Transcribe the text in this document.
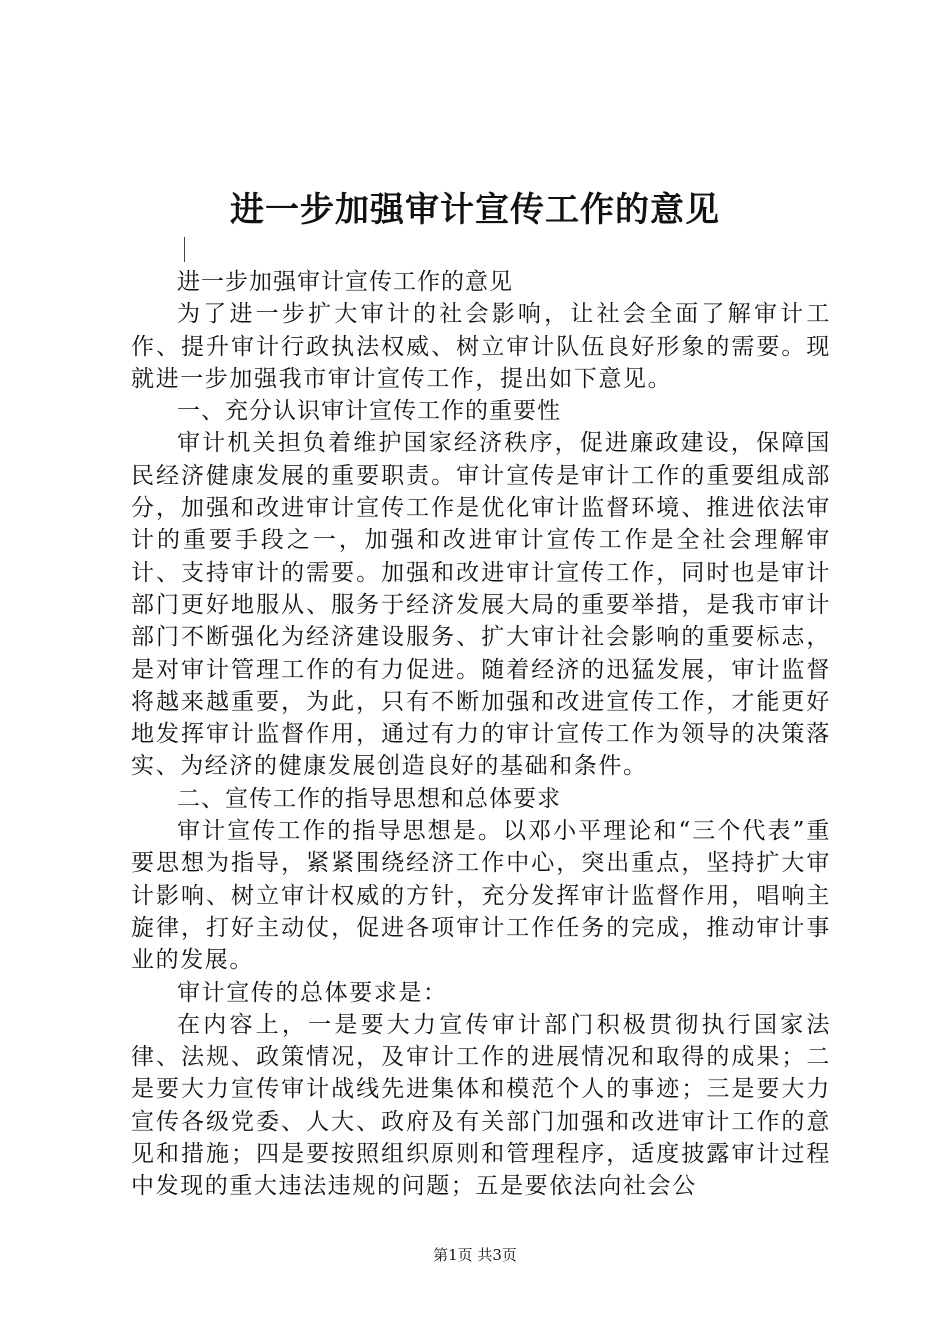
进一步加强审计宣传工作的意见

进一步加强审计宣传工作的意见

为了进一步扩大审计的社会影响，让社会全面了解审计工作、提升审计行政执法权威、树立审计队伍良好形象的需要。现就进一步加强我市审计宣传工作，提出如下意见。

一、充分认识审计宣传工作的重要性

审计机关担负着维护国家经济秩序，促进廉政建设，保障国民经济健康发展的重要职责。审计宣传是审计工作的重要组成部分，加强和改进审计宣传工作是优化审计监督环境、推进依法审计的重要手段之一，加强和改进审计宣传工作是全社会理解审计、支持审计的需要。加强和改进审计宣传工作，同时也是审计部门更好地服从、服务于经济发展大局的重要举措，是我市审计部门不断强化为经济建设服务、扩大审计社会影响的重要标志，是对审计管理工作的有力促进。随着经济的迅猛发展，审计监督将越来越重要，为此，只有不断加强和改进宣传工作，才能更好地发挥审计监督作用，通过有力的审计宣传工作为领导的决策落实、为经济的健康发展创造良好的基础和条件。

二、宣传工作的指导思想和总体要求

审计宣传工作的指导思想是。以邓小平理论和“三个代表”重要思想为指导，紧紧围绕经济工作中心，突出重点，坚持扩大审计影响、树立审计权威的方针，充分发挥审计监督作用，唱响主旋律，打好主动仗，促进各项审计工作任务的完成，推动审计事业的发展。

审计宣传的总体要求是：

在内容上，一是要大力宣传审计部门积极贯彻执行国家法律、法规、政策情况，及审计工作的进展情况和取得的成果；二是要大力宣传审计战线先进集体和模范个人的事迹；三是要大力宣传各级党委、人大、政府及有关部门加强和改进审计工作的意见和措施；四是要按照组织原则和管理程序，适度披露审计过程中发现的重大违法违规的问题；五是要依法向社会公

第1页 共3页
